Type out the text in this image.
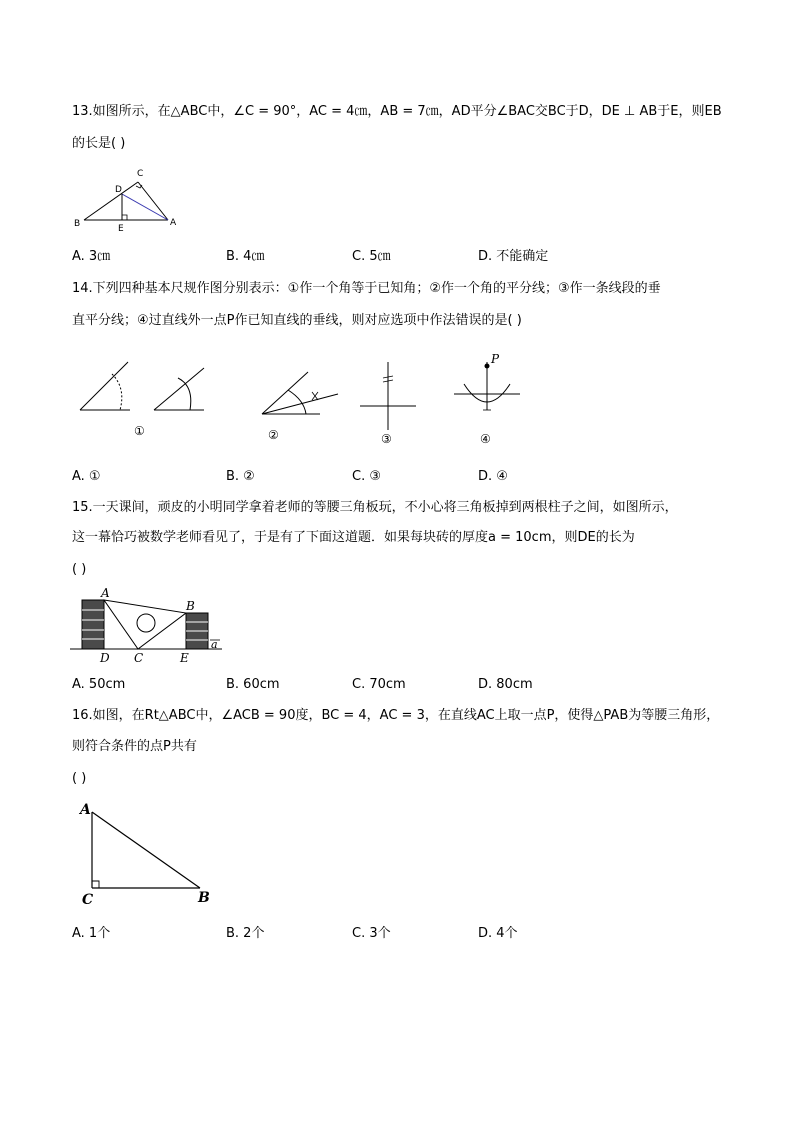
13.如图所示，在△ABC中，∠C = 90°，AC = 4㎝，AB = 7㎝，AD平分∠BAC交BC于D，DE ⊥ AB于E，则EB
的长是( )
C
D
B	E
A
A. 3㎝	B. 4㎝	C. 5㎝	D. 不能确定
14.下列四种基本尺规作图分别表示：①作一个角等于已知角；②作一个角的平分线；③作一条线段的垂
直平分线；④过直线外一点P作已知直线的垂线，则对应选项中作法错误的是( )
①	②	③
P
④
A. ①	B. ②	C. ③	D. ④
15.一天课间，顽皮的小明同学拿着老师的等腰三角板玩，不小心将三角板掉到两根柱子之间，如图所示，
这一幕恰巧被数学老师看见了，于是有了下面这道题．如果每块砖的厚度a = 10cm，则DE的长为
( )
A
B
D C	E
a
A. 50cm	B. 60cm	C. 70cm	D. 80cm
16.如图，在Rt△ABC中，∠ACB = 90度，BC = 4，AC = 3，在直线AC上取一点P，使得△PAB为等腰三角形，
则符合条件的点P共有
( )
A
C	B
A. 1个	B. 2个	C. 3个	D. 4个
